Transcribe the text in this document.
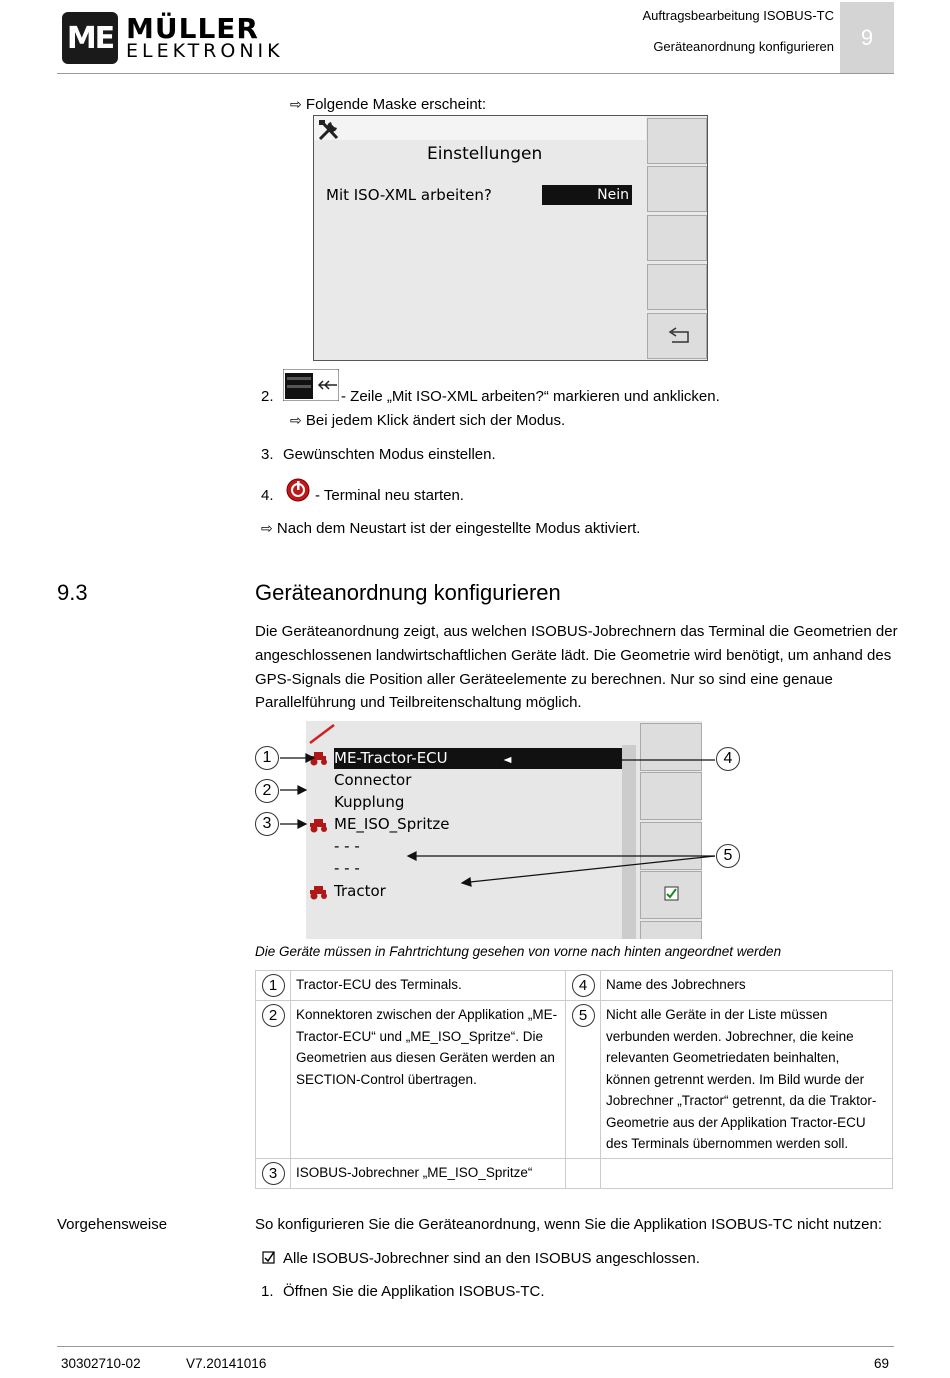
ME MÜLLER
ELEKTRONIK
Auftragsbearbeitung ISOBUS-TC
Geräteanordnung konfigurieren	9
⇨ Folgende Maske erscheint:
Einstellungen
Mit ISO-XML arbeiten?	Nein
2.	- Zeile „Mit ISO-XML arbeiten?“ markieren und anklicken.
⇨ Bei jedem Klick ändert sich der Modus.
3. Gewünschten Modus einstellen.
4.	- Terminal neu starten.
⇨ Nach dem Neustart ist der eingestellte Modus aktiviert.
9.3	Geräteanordnung konfigurieren
Die Geräteanordnung zeigt, aus welchen ISOBUS-Jobrechnern das Terminal die Geometrien der
angeschlossenen landwirtschaftlichen Geräte lädt. Die Geometrie wird benötigt, um anhand des
GPS-Signals die Position aller Geräteelemente zu berechnen. Nur so sind eine genaue
Parallelführung und Teilbreitenschaltung möglich.
ME-Tractor-ECU
Connector
Kupplung
ME_ISO_Spritze
- - -
- - -
Tractor
1
2
3
4
5
Die Geräte müssen in Fahrtrichtung gesehen von vorne nach hinten angeordnet werden
1	Tractor-ECU des Terminals.	4	Name des Jobrechners
2	Konnektoren zwischen der Applikation „ME-Tractor-ECU“ und „ME_ISO_Spritze“. Die Geometrien aus diesen Geräten werden an SECTION-Control übertragen.	5	Nicht alle Geräte in der Liste müssen verbunden werden. Jobrechner, die keine relevanten Geometriedaten beinhalten, können getrennt werden. Im Bild wurde der Jobrechner „Tractor“ getrennt, da die Traktor-Geometrie aus der Applikation Tractor-ECU des Terminals übernommen werden soll.
3	ISOBUS-Jobrechner „ME_ISO_Spritze“		
Vorgehensweise	So konfigurieren Sie die Geräteanordnung, wenn Sie die Applikation ISOBUS-TC nicht nutzen:
Alle ISOBUS-Jobrechner sind an den ISOBUS angeschlossen.
1. Öffnen Sie die Applikation ISOBUS-TC.
30302710-02	V7.20141016	69
